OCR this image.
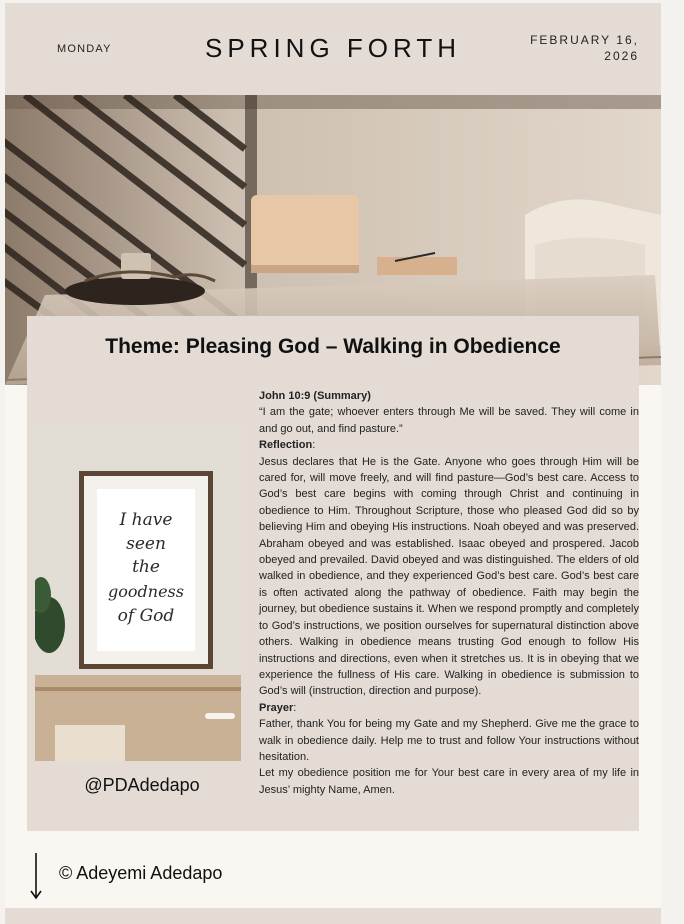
MONDAY	SPRING FORTH	FEBRUARY 16,
2026
Theme: Pleasing God – Walking in Obedience
I have
seen
the
goodness
of God
@PDAdedapo

John 10:9 (Summary)

“I am the gate; whoever enters through Me will be saved. They will come in and go out, and find pasture.”

Reflection:

Jesus declares that He is the Gate. Anyone who goes through Him will be cared for, will move freely, and will find pasture—God’s best care. Access to God’s best care begins with coming through Christ and continuing in obedience to Him. Throughout Scripture, those who pleased God did so by believing Him and obeying His instructions. Noah obeyed and was preserved. Abraham obeyed and was established. Isaac obeyed and prospered. Jacob obeyed and prevailed. David obeyed and was distinguished. The elders of old walked in obedience, and they experienced God’s best care. God’s best care is often activated along the pathway of obedience. Faith may begin the journey, but obedience sustains it. When we respond promptly and completely to God’s instructions, we position ourselves for supernatural distinction above others. Walking in obedience means trusting God enough to follow His instructions and directions, even when it stretches us. It is in obeying that we experience the fullness of His care. Walking in obedience is submission to God’s will (instruction, direction and purpose).

Prayer:

Father, thank You for being my Gate and my Shepherd. Give me the grace to walk in obedience daily. Help me to trust and follow Your instructions without hesitation.

Let my obedience position me for Your best care in every area of my life in Jesus’ mighty Name, Amen.

© Adeyemi Adedapo
